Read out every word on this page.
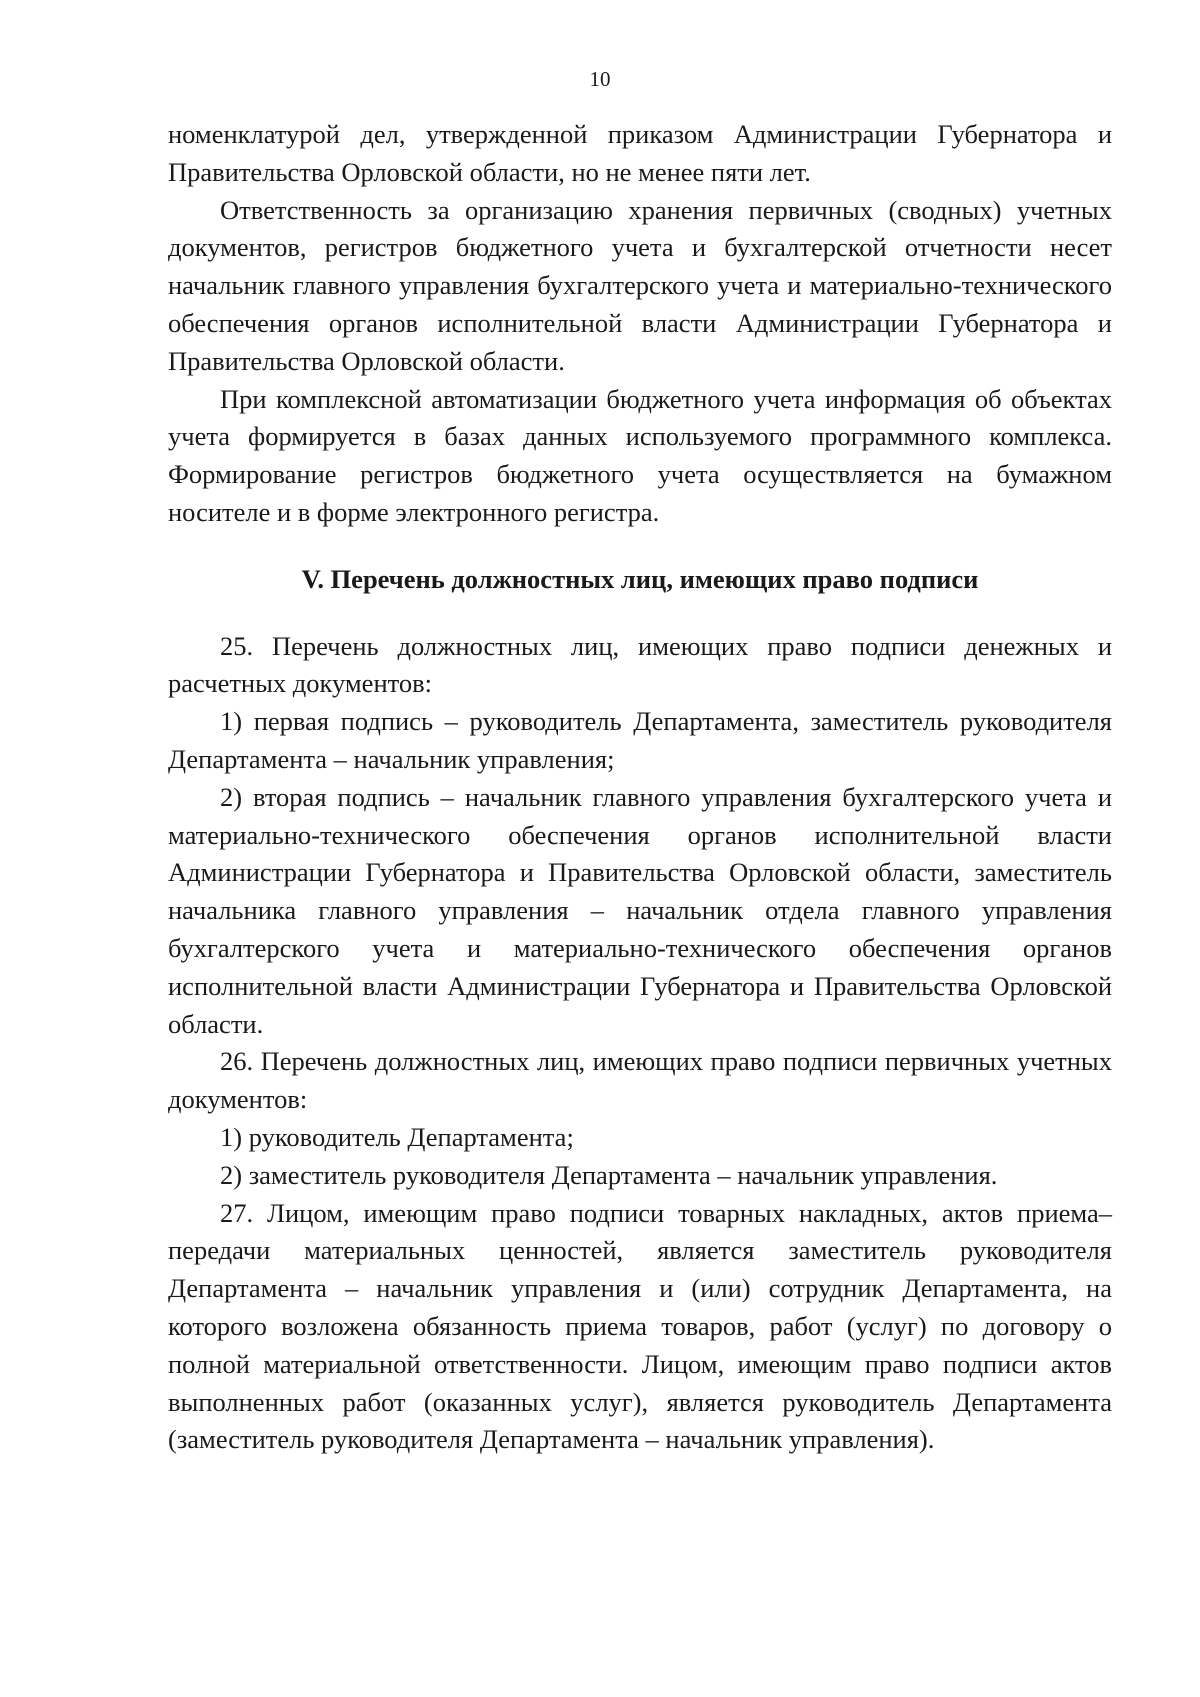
10

номенклатурой дел, утвержденной приказом Администрации Губернатора и Правительства Орловской области, но не менее пяти лет.

Ответственность за организацию хранения первичных (сводных) учетных документов, регистров бюджетного учета и бухгалтерской отчетности несет начальник главного управления бухгалтерского учета и материально-технического обеспечения органов исполнительной власти Администрации Губернатора и Правительства Орловской области.

При комплексной автоматизации бюджетного учета информация об объектах учета формируется в базах данных используемого программного комплекса. Формирование регистров бюджетного учета осуществляется на бумажном носителе и в форме электронного регистра.

V. Перечень должностных лиц, имеющих право подписи

25. Перечень должностных лиц, имеющих право подписи денежных и расчетных документов:

1) первая подпись – руководитель Департамента, заместитель руководителя Департамента – начальник управления;

2) вторая подпись – начальник главного управления бухгалтерского учета и материально-технического обеспечения органов исполнительной власти Администрации Губернатора и Правительства Орловской области, заместитель начальника главного управления – начальник отдела главного управления бухгалтерского учета и материально-технического обеспечения органов исполнительной власти Администрации Губернатора и Правительства Орловской области.

26. Перечень должностных лиц, имеющих право подписи первичных учетных документов:

1) руководитель Департамента;

2) заместитель руководителя Департамента – начальник управления.

27. Лицом, имеющим право подписи товарных накладных, актов приема–передачи материальных ценностей, является заместитель руководителя Департамента – начальник управления и (или) сотрудник Департамента, на которого возложена обязанность приема товаров, работ (услуг) по договору о полной материальной ответственности. Лицом, имеющим право подписи актов выполненных работ (оказанных услуг), является руководитель Департамента (заместитель руководителя Департамента – начальник управления).
